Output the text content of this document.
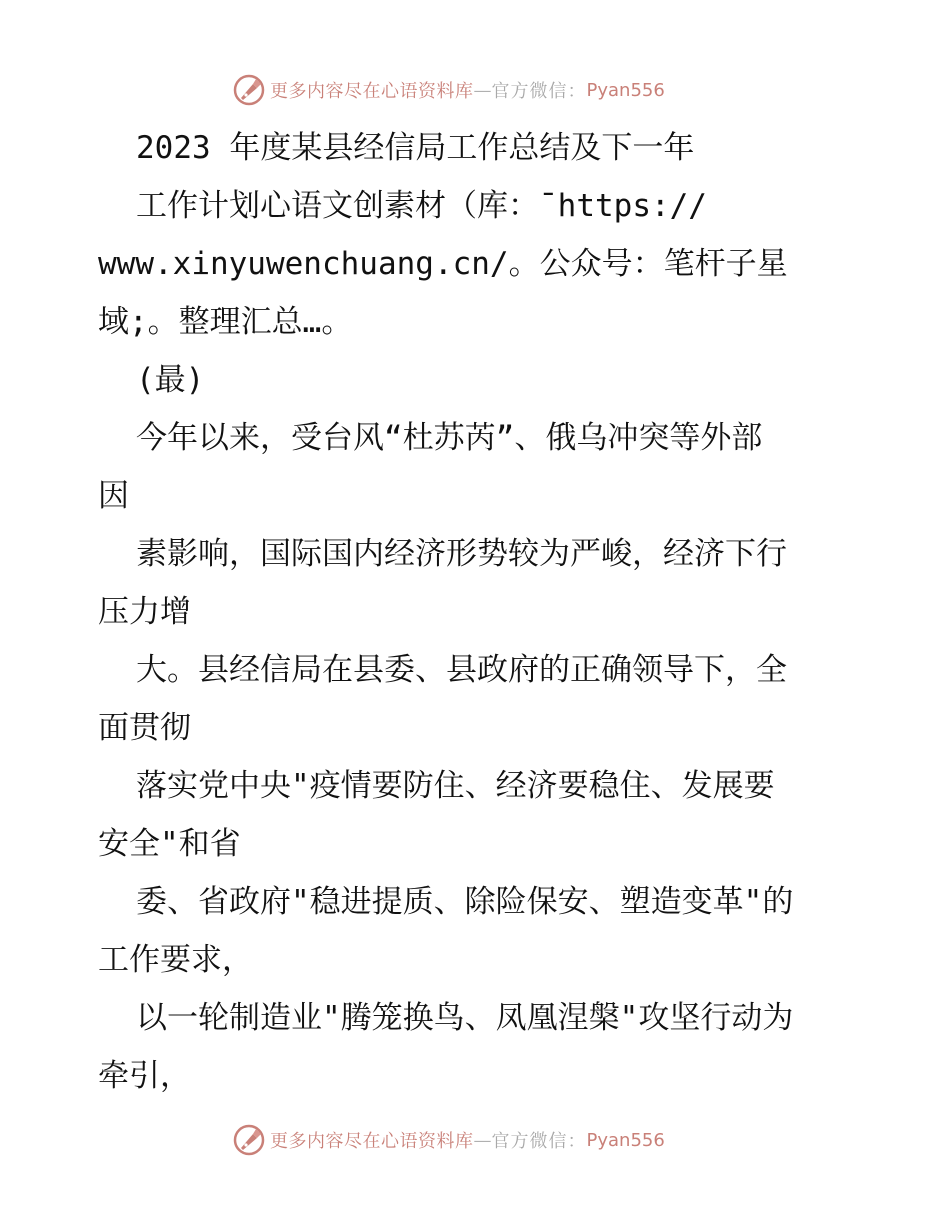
更多内容尽在心语资料库 — 官方微信： Pyan556
2023 年度某县经信局工作总结及下一年
工作计划心语文创素材（库：¯https://
www.xinyuwenchuang.cn/。公众号：笔杆子星
域;。整理汇总…。
(最)
今年以来，受台风“杜苏芮”、俄乌冲突等外部
因
素影响，国际国内经济形势较为严峻，经济下行
压力增
大。县经信局在县委、县政府的正确领导下，全
面贯彻
落实党中央"疫情要防住、经济要稳住、发展要
安全"和省
委、省政府"稳进提质、除险保安、塑造变革"的
工作要求，
以一轮制造业"腾笼换鸟、凤凰涅槃"攻坚行动为
牵引，
更多内容尽在心语资料库 — 官方微信： Pyan556
